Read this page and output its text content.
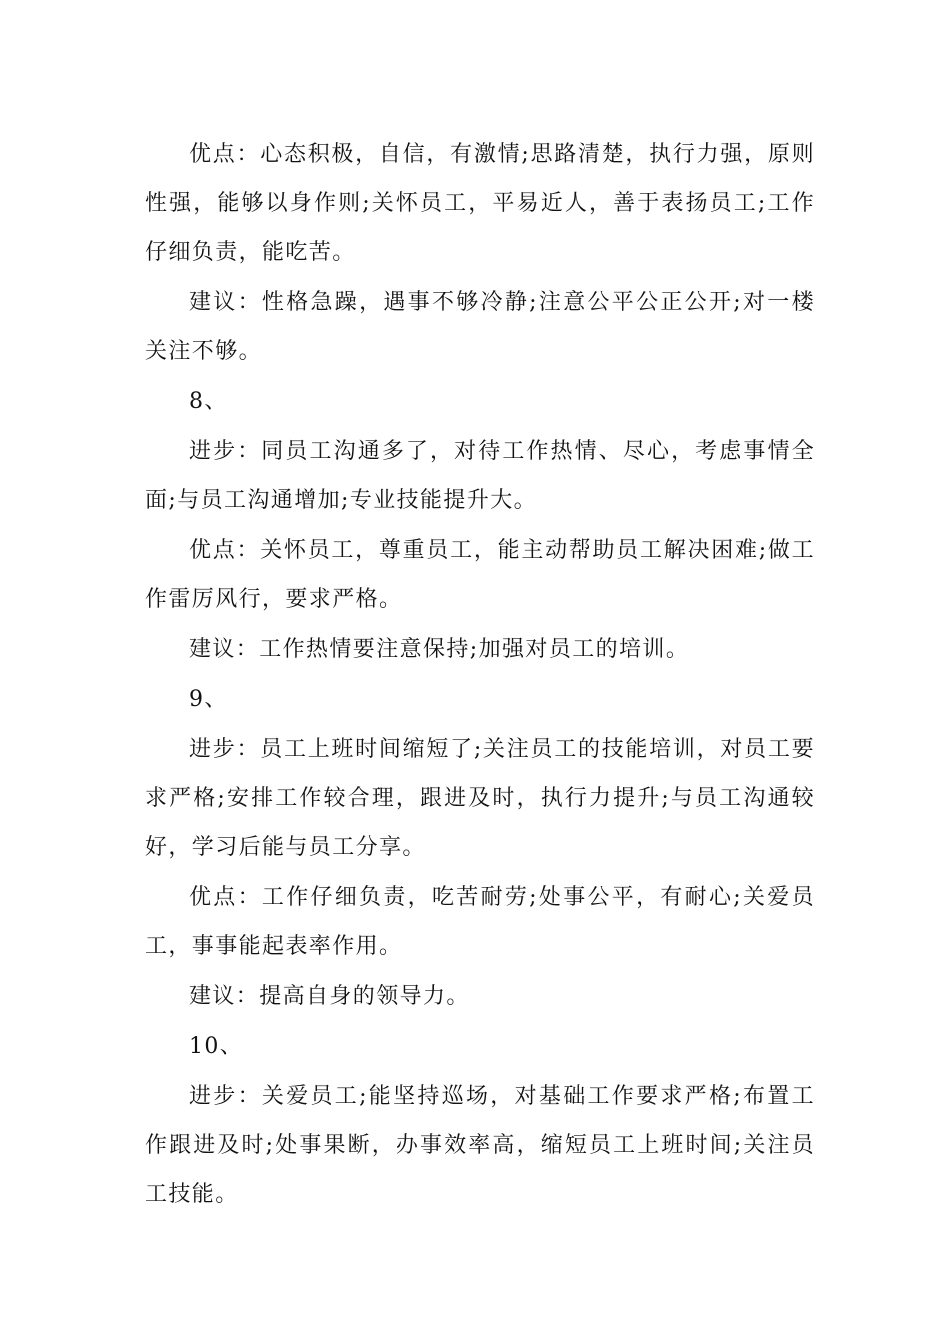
优点：心态积极，自信，有激情;思路清楚，执行力强，原则性强，能够以身作则;关怀员工，平易近人，善于表扬员工;工作仔细负责，能吃苦。

建议：性格急躁，遇事不够冷静;注意公平公正公开;对一楼关注不够。

8、

进步：同员工沟通多了，对待工作热情、尽心，考虑事情全面;与员工沟通增加;专业技能提升大。

优点：关怀员工，尊重员工，能主动帮助员工解决困难;做工作雷厉风行，要求严格。

建议：工作热情要注意保持;加强对员工的培训。

9、

进步：员工上班时间缩短了;关注员工的技能培训，对员工要求严格;安排工作较合理，跟进及时，执行力提升;与员工沟通较好，学习后能与员工分享。

优点：工作仔细负责，吃苦耐劳;处事公平，有耐心;关爱员工，事事能起表率作用。

建议：提高自身的领导力。

10、

进步：关爱员工;能坚持巡场，对基础工作要求严格;布置工作跟进及时;处事果断，办事效率高，缩短员工上班时间;关注员工技能。
